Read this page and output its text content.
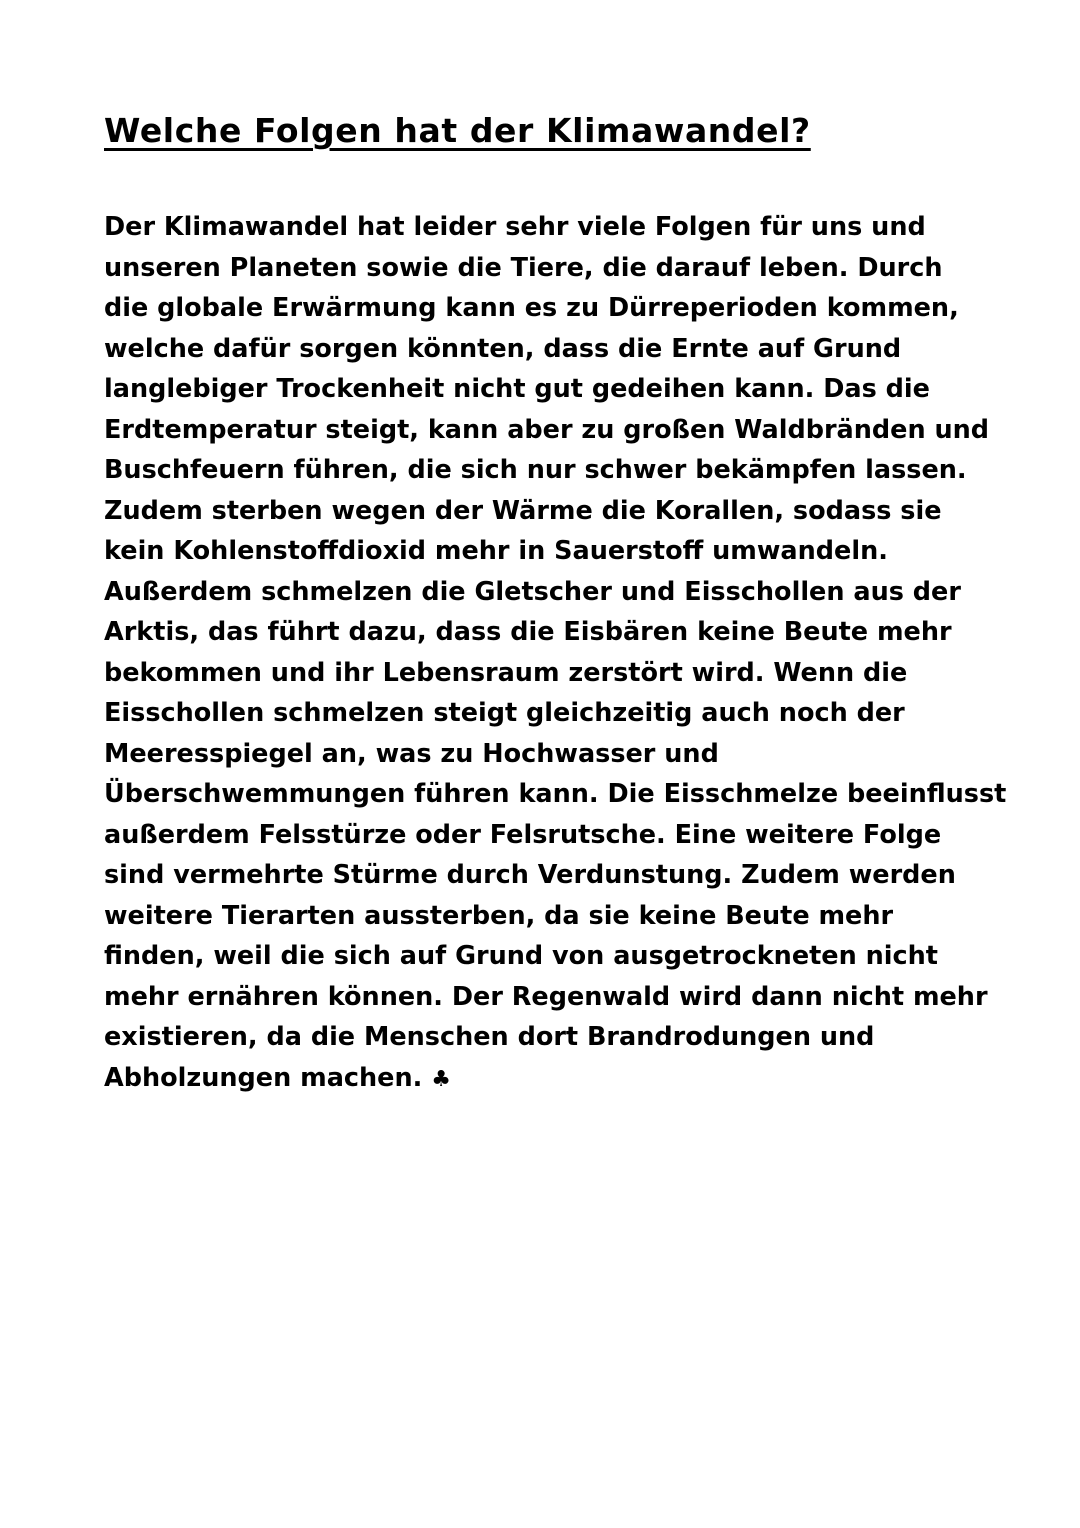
Welche Folgen hat der Klimawandel?
Der Klimawandel hat leider sehr viele Folgen für uns und
unseren Planeten sowie die Tiere, die darauf leben. Durch
die globale Erwärmung kann es zu Dürreperioden kommen,
welche dafür sorgen könnten, dass die Ernte auf Grund
langlebiger Trockenheit nicht gut gedeihen kann. Das die
Erdtemperatur steigt, kann aber zu großen Waldbränden und
Buschfeuern führen, die sich nur schwer bekämpfen lassen.
Zudem sterben wegen der Wärme die Korallen, sodass sie
kein Kohlenstoffdioxid mehr in Sauerstoff umwandeln.
Außerdem schmelzen die Gletscher und Eisschollen aus der
Arktis, das führt dazu, dass die Eisbären keine Beute mehr
bekommen und ihr Lebensraum zerstört wird. Wenn die
Eisschollen schmelzen steigt gleichzeitig auch noch der
Meeresspiegel an, was zu Hochwasser und
Überschwemmungen führen kann. Die Eisschmelze beeinflusst
außerdem Felsstürze oder Felsrutsche. Eine weitere Folge
sind vermehrte Stürme durch Verdunstung. Zudem werden
weitere Tierarten aussterben, da sie keine Beute mehr
finden, weil die sich auf Grund von ausgetrockneten nicht
mehr ernähren können. Der Regenwald wird dann nicht mehr
existieren, da die Menschen dort Brandrodungen und
Abholzungen machen. ♣
